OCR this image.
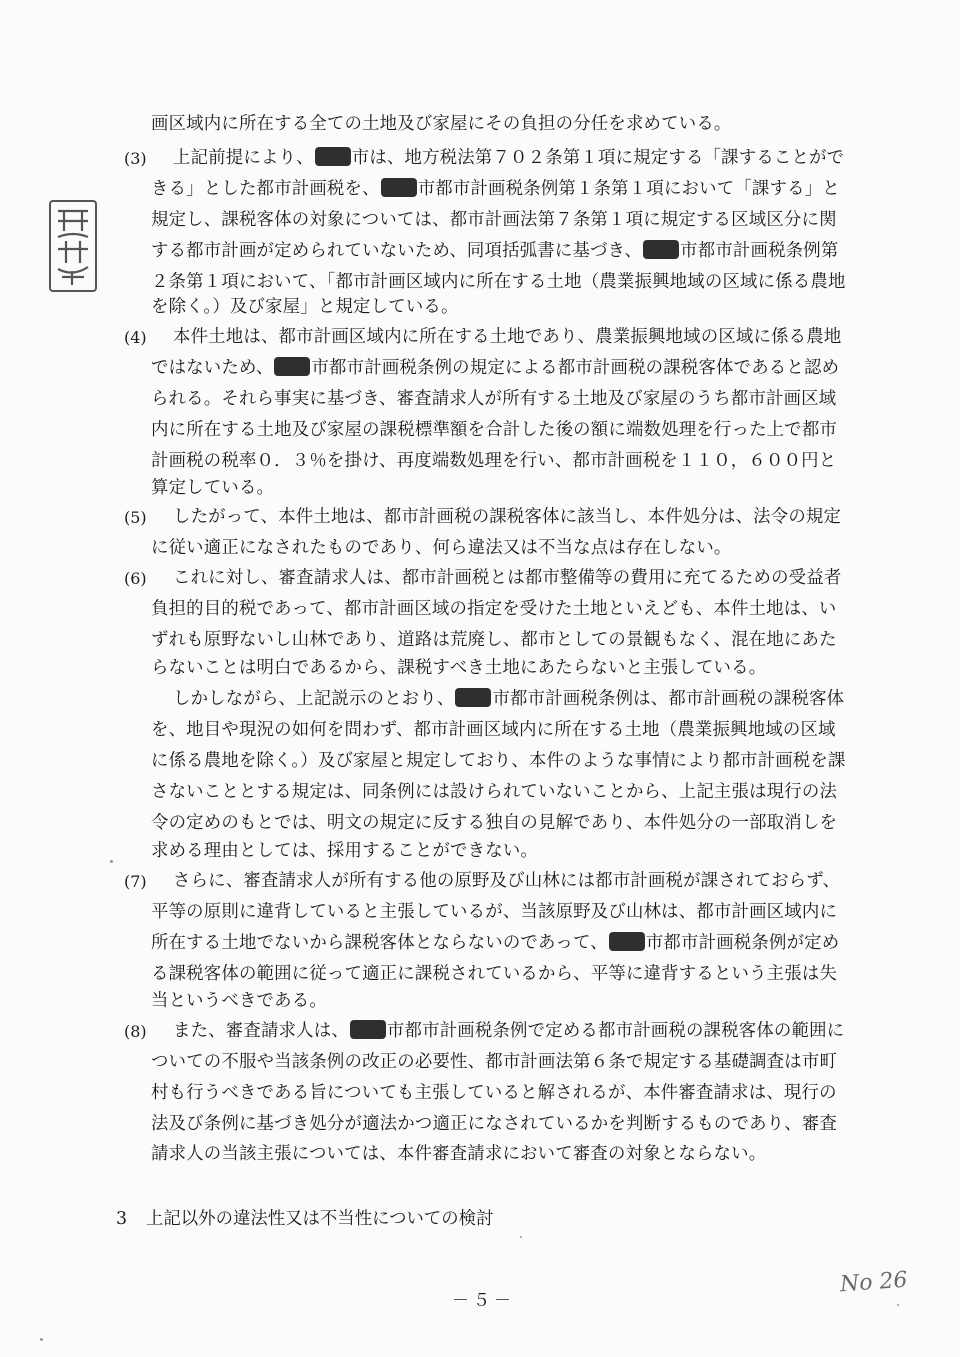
画区域内に所在する全ての土地及び家屋にその負担の分任を求めている。
(3) 上記前提により、 市は、地方税法第７０２条第１項に規定する「課することがで
きる」とした都市計画税を、 市都市計画税条例第１条第１項において「課する」と
規定し、課税客体の対象については、都市計画法第７条第１項に規定する区域区分に関
する都市計画が定められていないため、同項括弧書に基づき、 市都市計画税条例第
２条第１項において、「都市計画区域内に所在する土地（農業振興地域の区域に係る農地
を除く。）及び家屋」と規定している。
(4) 本件土地は、都市計画区域内に所在する土地であり、農業振興地域の区域に係る農地
ではないため、 市都市計画税条例の規定による都市計画税の課税客体であると認め
られる。それら事実に基づき、審査請求人が所有する土地及び家屋のうち都市計画区域
内に所在する土地及び家屋の課税標準額を合計した後の額に端数処理を行った上で都市
計画税の税率０．３％を掛け、再度端数処理を行い、都市計画税を１１０，６００円と
算定している。
(5) したがって、本件土地は、都市計画税の課税客体に該当し、本件処分は、法令の規定
に従い適正になされたものであり、何ら違法又は不当な点は存在しない。
(6) これに対し、審査請求人は、都市計画税とは都市整備等の費用に充てるための受益者
負担的目的税であって、都市計画区域の指定を受けた土地といえども、本件土地は、い
ずれも原野ないし山林であり、道路は荒廃し、都市としての景観もなく、混在地にあた
らないことは明白であるから、課税すべき土地にあたらないと主張している。
しかしながら、上記説示のとおり、 市都市計画税条例は、都市計画税の課税客体
を、地目や現況の如何を問わず、都市計画区域内に所在する土地（農業振興地域の区域
に係る農地を除く。）及び家屋と規定しており、本件のような事情により都市計画税を課
さないこととする規定は、同条例には設けられていないことから、上記主張は現行の法
令の定めのもとでは、明文の規定に反する独自の見解であり、本件処分の一部取消しを
求める理由としては、採用することができない。
(7) さらに、審査請求人が所有する他の原野及び山林には都市計画税が課されておらず、
平等の原則に違背していると主張しているが、当該原野及び山林は、都市計画区域内に
所在する土地でないから課税客体とならないのであって、 市都市計画税条例が定め
る課税客体の範囲に従って適正に課税されているから、平等に違背するという主張は失
当というべきである。
(8) また、審査請求人は、 市都市計画税条例で定める都市計画税の課税客体の範囲に
ついての不服や当該条例の改正の必要性、都市計画法第６条で規定する基礎調査は市町
村も行うべきである旨についても主張していると解されるが、本件審査請求は、現行の
法及び条例に基づき処分が適法かつ適正になされているかを判断するものであり、審査
請求人の当該主張については、本件審査請求において審査の対象とならない。
3 上記以外の違法性又は不当性についての検討
－５－
No 26
